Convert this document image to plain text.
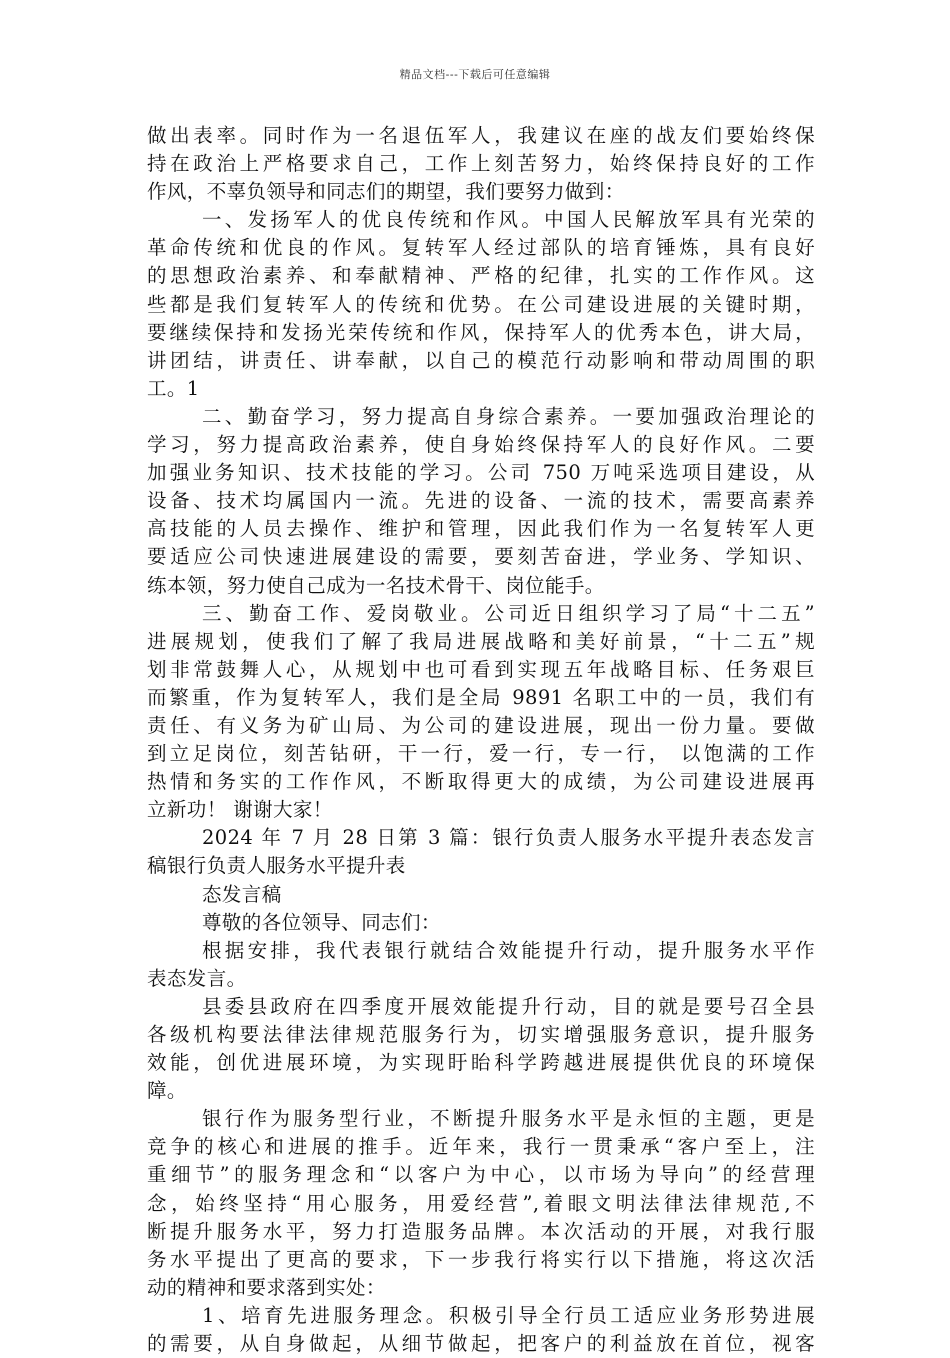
精品文档---下载后可任意编辑
做出表率。同时作为一名退伍军人，我建议在座的战友们要始终保
持在政治上严格要求自己，工作上刻苦努力，始终保持良好的工作
作风，不辜负领导和同志们的期望，我们要努力做到：
一、发扬军人的优良传统和作风。中国人民解放军具有光荣的
革命传统和优良的作风。复转军人经过部队的培育锤炼，具有良好
的思想政治素养、和奉献精神、严格的纪律，扎实的工作作风。这
些都是我们复转军人的传统和优势。在公司建设进展的关键时期，
要继续保持和发扬光荣传统和作风，保持军人的优秀本色，讲大局，
讲团结，讲责任、讲奉献，以自己的模范行动影响和带动周围的职
工。1
二、勤奋学习，努力提高自身综合素养。一要加强政治理论的
学习，努力提高政治素养，使自身始终保持军人的良好作风。二要
加强业务知识、技术技能的学习。公司 750 万吨采选项目建设，从
设备、技术均属国内一流。先进的设备、一流的技术，需要高素养
高技能的人员去操作、维护和管理，因此我们作为一名复转军人更
要适应公司快速进展建设的需要，要刻苦奋进，学业务、学知识、
练本领，努力使自己成为一名技术骨干、岗位能手。
三、勤奋工作、爱岗敬业。公司近日组织学习了局“十二五”
进展规划，使我们了解了我局进展战略和美好前景，“十二五”规
划非常鼓舞人心，从规划中也可看到实现五年战略目标、任务艰巨
而繁重，作为复转军人，我们是全局 9891 名职工中的一员，我们有
责任、有义务为矿山局、为公司的建设进展，现出一份力量。要做
到立足岗位，刻苦钻研，干一行，爱一行，专一行， 以饱满的工作
热情和务实的工作作风，不断取得更大的成绩，为公司建设进展再
立新功！ 谢谢大家！
2024 年 7 月 28 日第 3 篇：银行负责人服务水平提升表态发言
稿银行负责人服务水平提升表
态发言稿
尊敬的各位领导、同志们：
根据安排，我代表银行就结合效能提升行动，提升服务水平作
表态发言。
县委县政府在四季度开展效能提升行动，目的就是要号召全县
各级机构要法律法律规范服务行为，切实增强服务意识，提升服务
效能，创优进展环境，为实现盱眙科学跨越进展提供优良的环境保
障。
银行作为服务型行业，不断提升服务水平是永恒的主题，更是
竞争的核心和进展的推手。近年来，我行一贯秉承“客户至上，注
重细节”的服务理念和“以客户为中心，以市场为导向”的经营理
念，始终坚持“用心服务，用爱经营”,着眼文明法律法律规范,不
断提升服务水平，努力打造服务品牌。本次活动的开展，对我行服
务水平提出了更高的要求，下一步我行将实行以下措施，将这次活
动的精神和要求落到实处：
1、培育先进服务理念。积极引导全行员工适应业务形势进展
的需要，从自身做起，从细节做起，把客户的利益放在首位，视客
